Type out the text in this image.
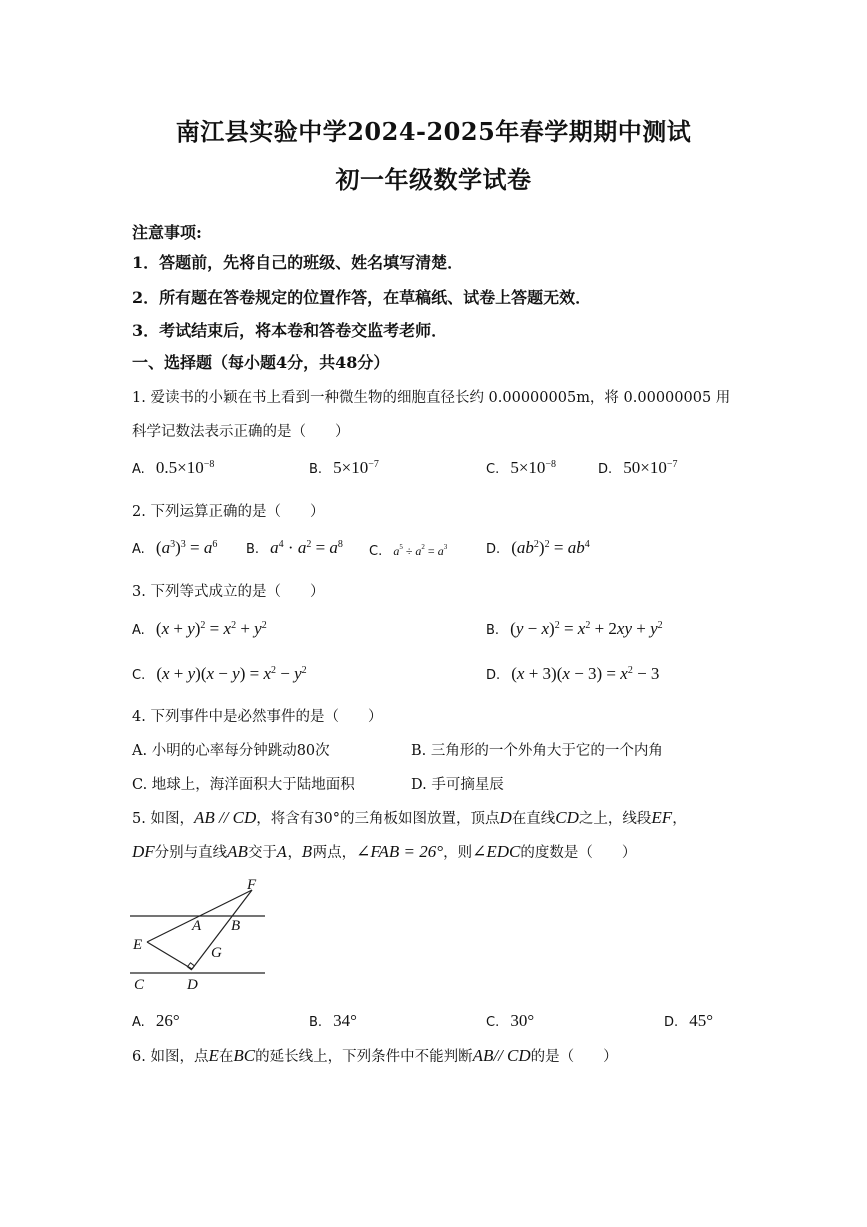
南江县实验中学2024-2025年春学期期中测试
初一年级数学试卷
注意事项:
1．答题前，先将自己的班级、姓名填写清楚．
2．所有题在答卷规定的位置作答，在草稿纸、试卷上答题无效．
3．考试结束后，将本卷和答卷交监考老师．
一、选择题（每小题4分，共48分）
1. 爱读书的小颖在书上看到一种微生物的细胞直径长约 0.00000005m，将 0.00000005 用
科学记数法表示正确的是（　　）
A. $0.5\times 10^{-8}$	B. $5\times 10^{-7}$	C. $5\times 10^{-8}$	D. $50\times 10^{-7}$
2. 下列运算正确的是（　　）
A. $(a^3)^3 = a^6$ B. $a^4 \cdot a^2 = a^8$ C. $a^5 \div a^2 = a^3$	D. $(ab^2)^2 = ab^4$
3. 下列等式成立的是（　　）
A. $(x + y)^2 = x^2 + y^2$	B. $(y - x)^2 = x^2 + 2xy + y^2$
C. $(x + y)(x - y) = x^2 - y^2$	D. $(x + 3)(x - 3) = x^2 - 3$
4. 下列事件中是必然事件的是（　　）
A. 小明的心率每分钟跳动80次	B. 三角形的一个外角大于它的一个内角
C. 地球上，海洋面积大于陆地面积	D. 手可摘星辰
5. 如图，AB // CD，将含有30°的三角板如图放置，顶点D在直线CD之上，线段EF，
DF分别与直线AB交于A，B两点，∠FAB = 26°，则∠EDC的度数是（　　）
F
A B
E	G
C	D
A. 26°	B. 34°	C. 30°	D. 45°
6. 如图，点E在BC的延长线上，下列条件中不能判断AB// CD的是（　　）
